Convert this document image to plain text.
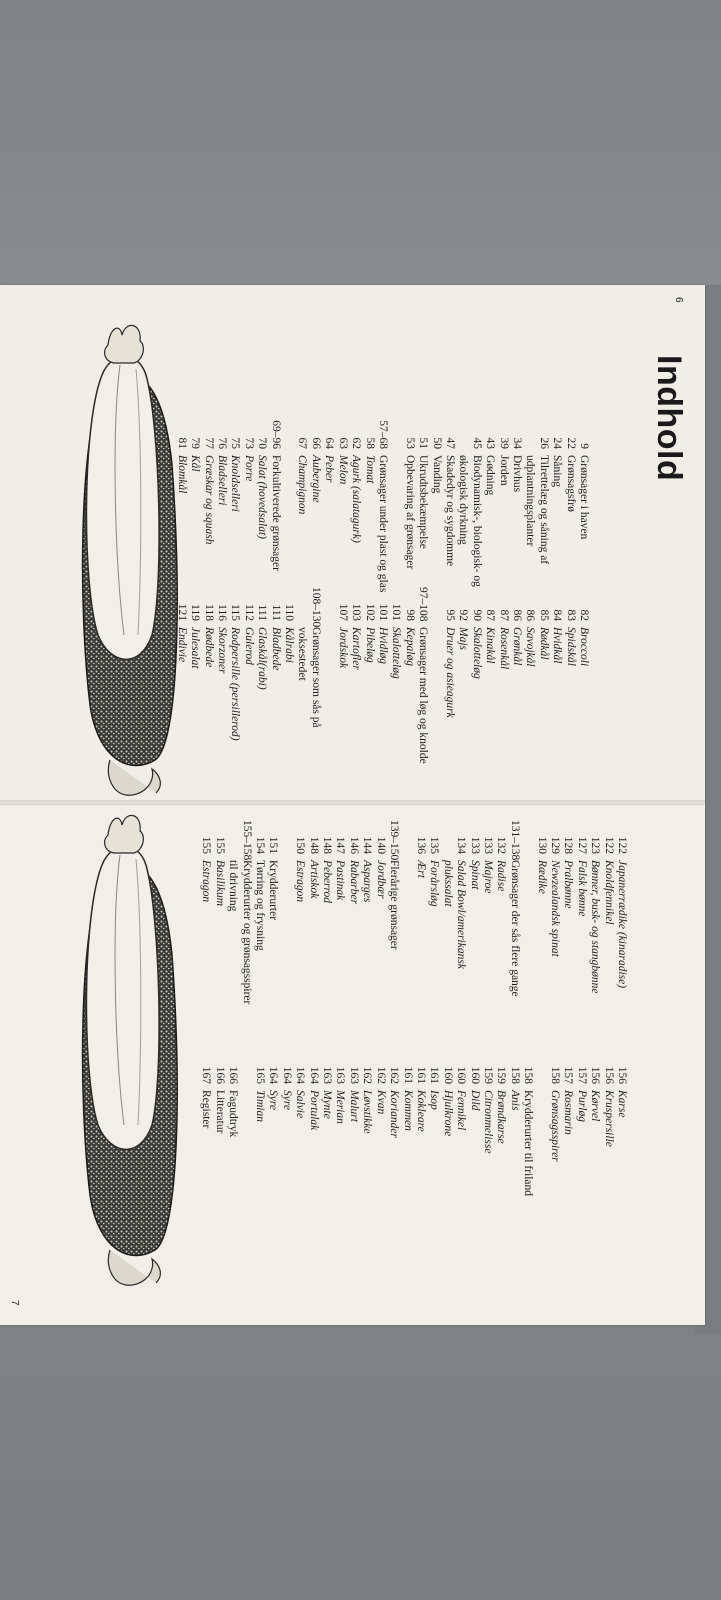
6
Indhold
9
Grønsager i haven
22
Grønsagsfrø
24
Såning
26
Tilrettelæg og såning af udplantningsplanter
34
Drivhus
39
Jorden
43
Gødning
45
Biodynamisk-, biologisk- og økologisk dyrkning
47
Skadedyr og sygdomme
50
Vanding
51
Ukrudtsbekæmpelse
53
Opbevaring af grønsager
57–68
Grønsager under plast og glas
58
Tomat
62
Agurk (salatagurk)
63
Melon
64
Peber
66
Aubergine
67
Champignon
69–96
Forkultiverede grønsager
70
Salat (hovedsalat)
73
Porre
75
Knoldselleri
76
Bladselleri
77
Græskar og squash
79
Kål
81
Blomkål
82
Broccoli
83
Spidskål
84
Hvidkål
85
Rødkål
86
Savojkål
86
Grønkål
87
Rosenkål
87
Kinakål
90
Skalotteløg
92
Majs
95
Druer og asieagurk
97–108
Grønsager med løg og knolde
98
Kepaløg
101
Skalotteløg
101
Hvidløg
102
Pibeløg
103
Kartofler
107
Jordskok
108–130
Grønsager som sås på voksestedet
110
Kålrabi
111
Bladbede
111
Glaskål(rabi)
112
Gulerod
115
Rodpersille (persillerod)
116
Skorzoner
118
Rødbede
119
Julesalat
121
Endivie
122
Japanerrædike (kinaradise)
122
Knoldfennikel
123
Bønner, busk- og stangbønne
127
Falsk bønne
128
Pralbønne
129
Newzealandsk spinat
130
Rædike
131–138
Grønsager der sås flere gange
132
Radise
133
Majroe
133
Spinat
134
Salad Bowl/amerikansk plukssalat
135
Forårsløg
136
Ært
139–150
Flerårige grønsager
140
Jordbær
144
Asparges
146
Rabarber
147
Pastinak
148
Peberrod
148
Artiskok
150
Estragon
151
Krydderurter
154
Tørring og frysning
155–158
Krydderurter og grønsagsspirer til drivning
155
Basilikum
155
Estragon
156
Karse
156
Kruspersille
156
Kørvel
157
Purløg
157
Rosmarin
158
Grønsagsspirer
158
Krydderurter til friland
158
Anis
159
Brøndkarse
159
Citronmelisse
160
Dild
160
Fennikel
160
Hjulkrone
161
Isop
161
Kokleare
161
Kommen
162
Koriander
162
Kvan
162
Løvstikke
163
Malurt
163
Merian
163
Mynte
164
Portulak
164
Salvie
164
Syre
164
Syre
165
Timian
166
Fagudtryk
166
Litteratur
167
Register
7
